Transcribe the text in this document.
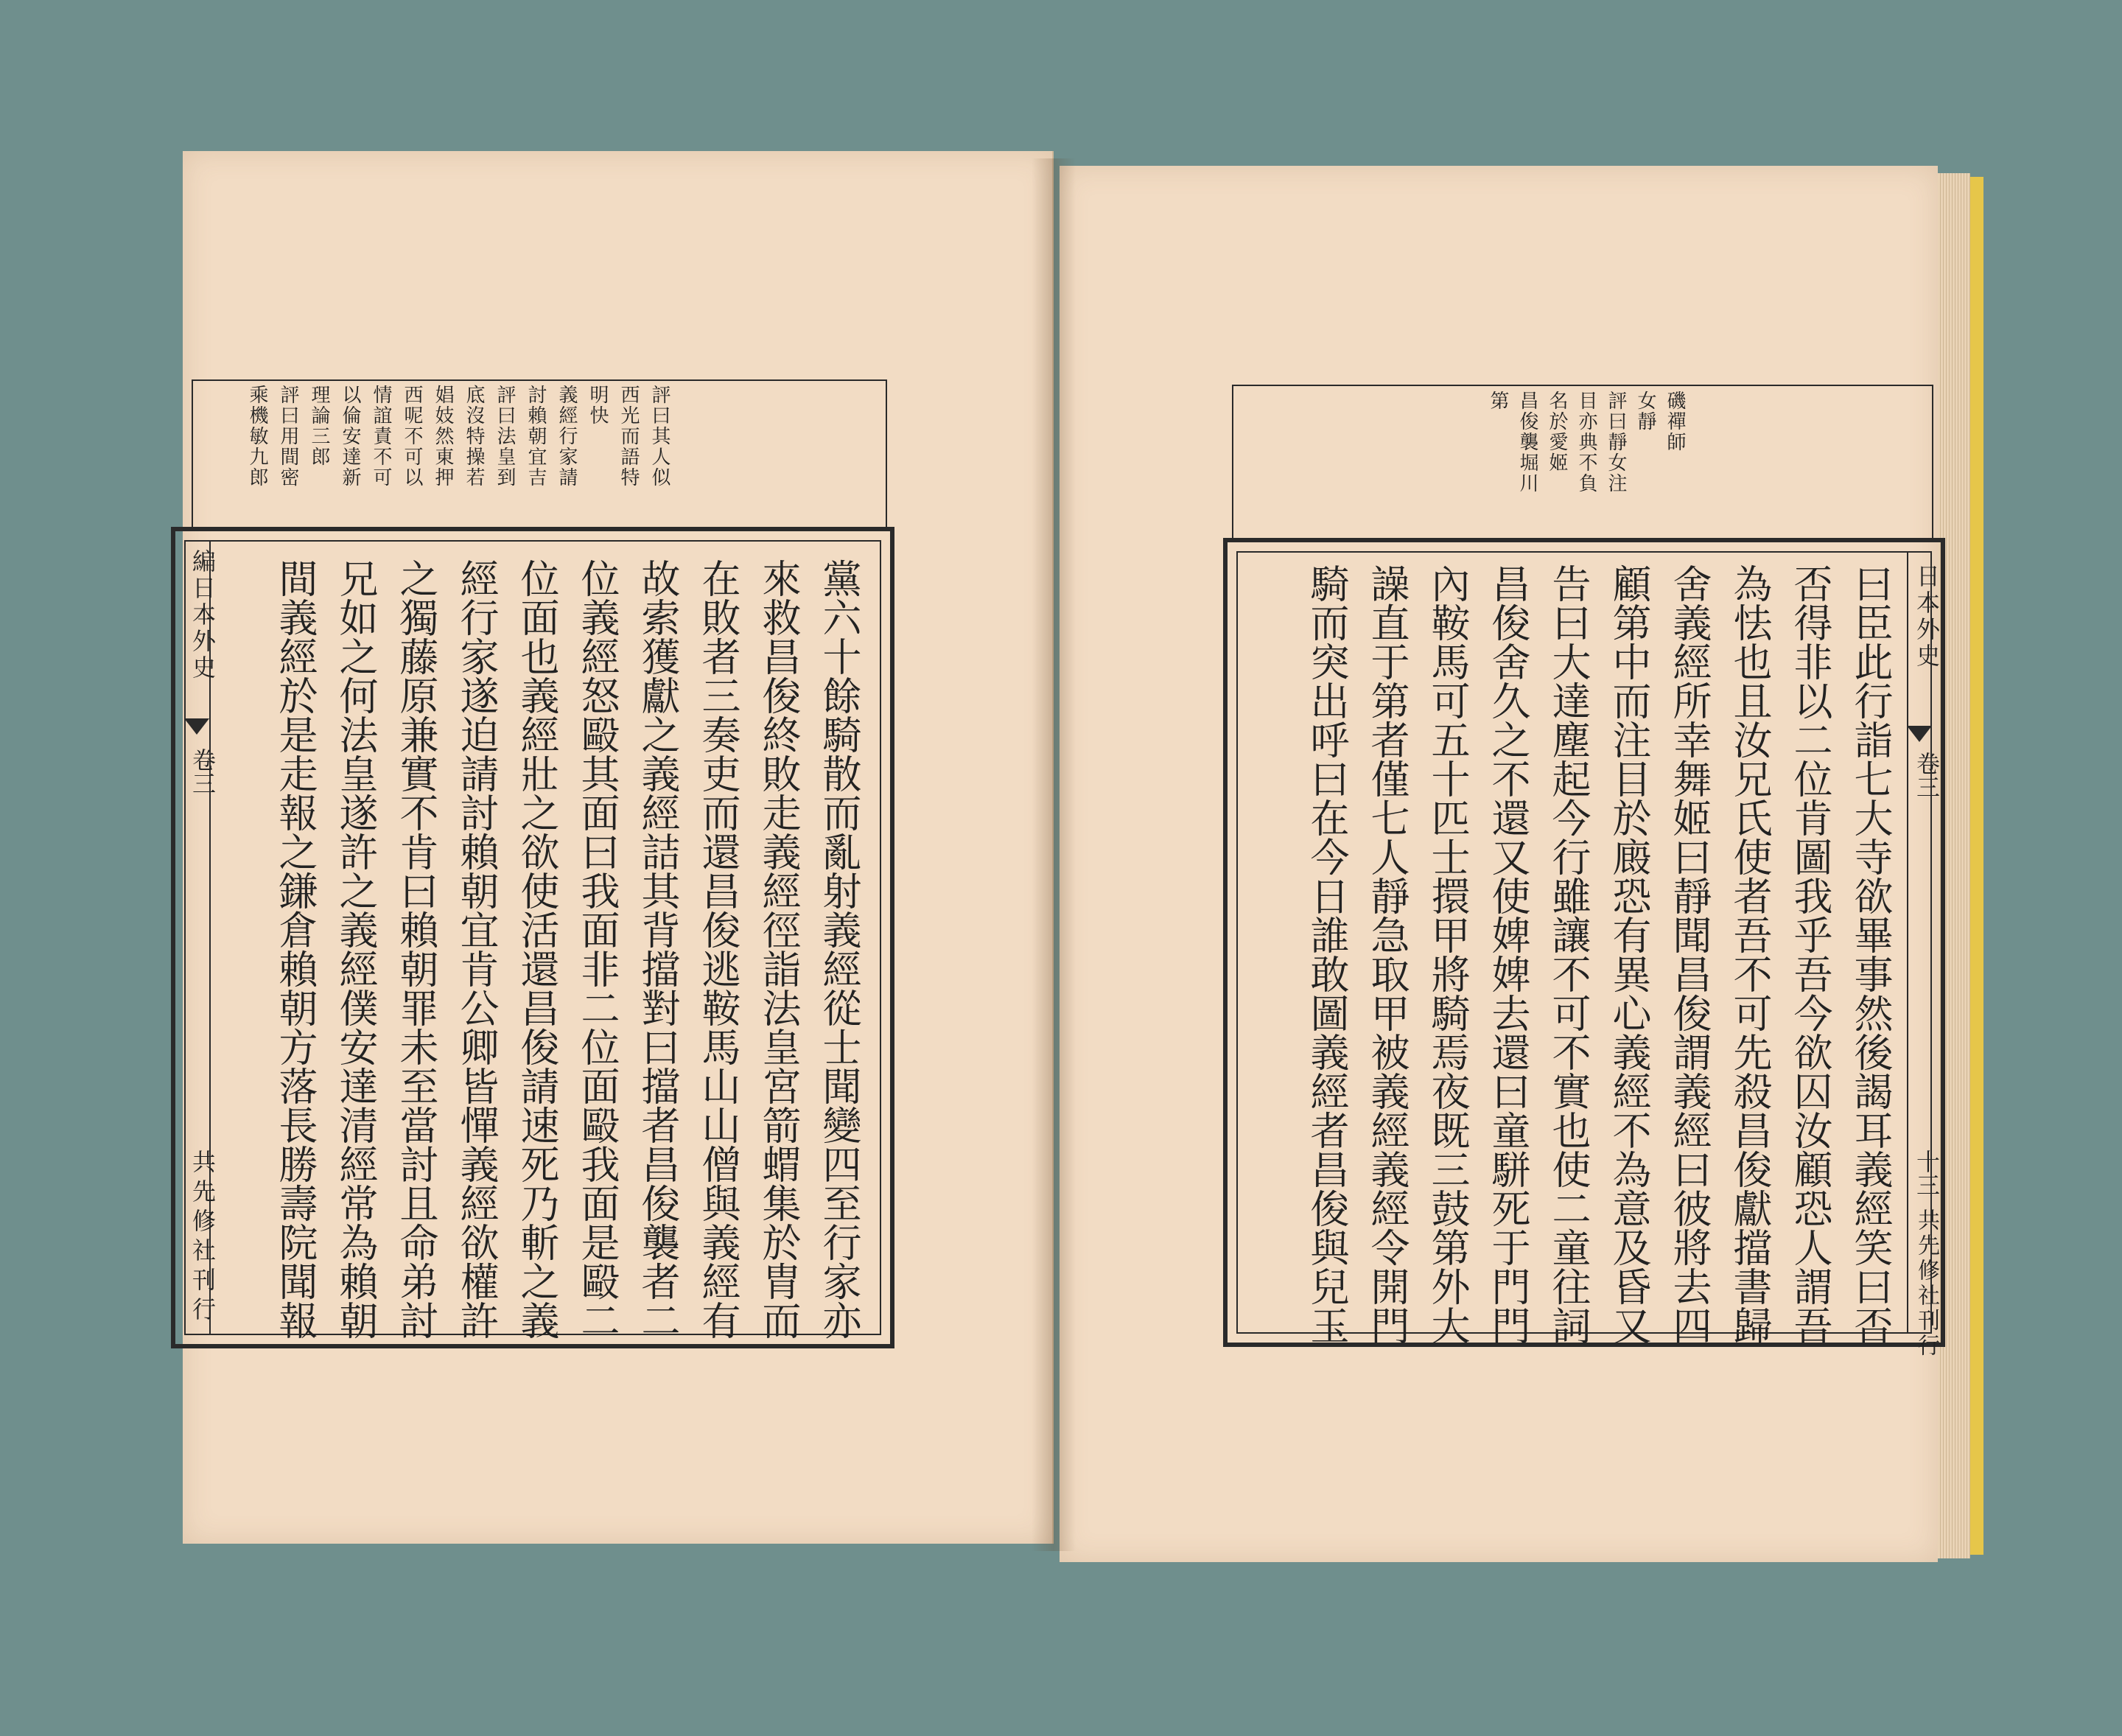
評曰其人似
西光而語特
明快
義經行家請
討賴朝宜吉
評曰法皇到
底沒特操若
娼妓然東押
西呢不可以
情誼責不可
以倫安達新
理論三郎
評曰用間密
乘機敏九郎
編日本外史
卷三
共先修社刊行	黨六十餘騎散而亂射義經從士聞變四至行家亦
來救昌俊終敗走義經徑詣法皇宮箭蝟集於胄而
在敗者三奏吏而還昌俊逃鞍馬山山僧與義經有
故索獲獻之義經詰其背擋對曰擋者昌俊襲者二
位義經怒毆其面曰我面非二位面毆我面是毆二
位面也義經壯之欲使活還昌俊請速死乃斬之義
經行家遂迫請討賴朝宜肯公卿皆憚義經欲權許
之獨藤原兼實不肯曰賴朝罪未至當討且命弟討
兄如之何法皇遂許之義經僕安達清經常為賴朝
間義經於是走報之鎌倉賴朝方落長勝壽院聞報
磯禪師
女靜
評曰靜女注
目亦典不負
名於愛姬
昌俊襲堀川
第
日本外史
卷三
十三
共先修社刊行
曰臣此行詣七大寺欲畢事然後謁耳義經笑曰否
否得非以二位肯圖我乎吾今欲囚汝顧恐人謂吾
為怯也且汝兄氏使者吾不可先殺昌俊獻擋書歸
舍義經所幸舞姬曰靜聞昌俊謂義經曰彼將去四
顧第中而注目於廄恐有異心義經不為意及昏又
告曰大達塵起今行雖讓不可不實也使二童往詞
昌俊舍久之不還又使婢婢去還曰童駢死于門門
內鞍馬可五十匹士擐甲將騎焉夜既三鼓第外大
譟直于第者僅七人靜急取甲被義經義經令開門
騎而突出呼曰在今日誰敢圖義經者昌俊與兒玉
